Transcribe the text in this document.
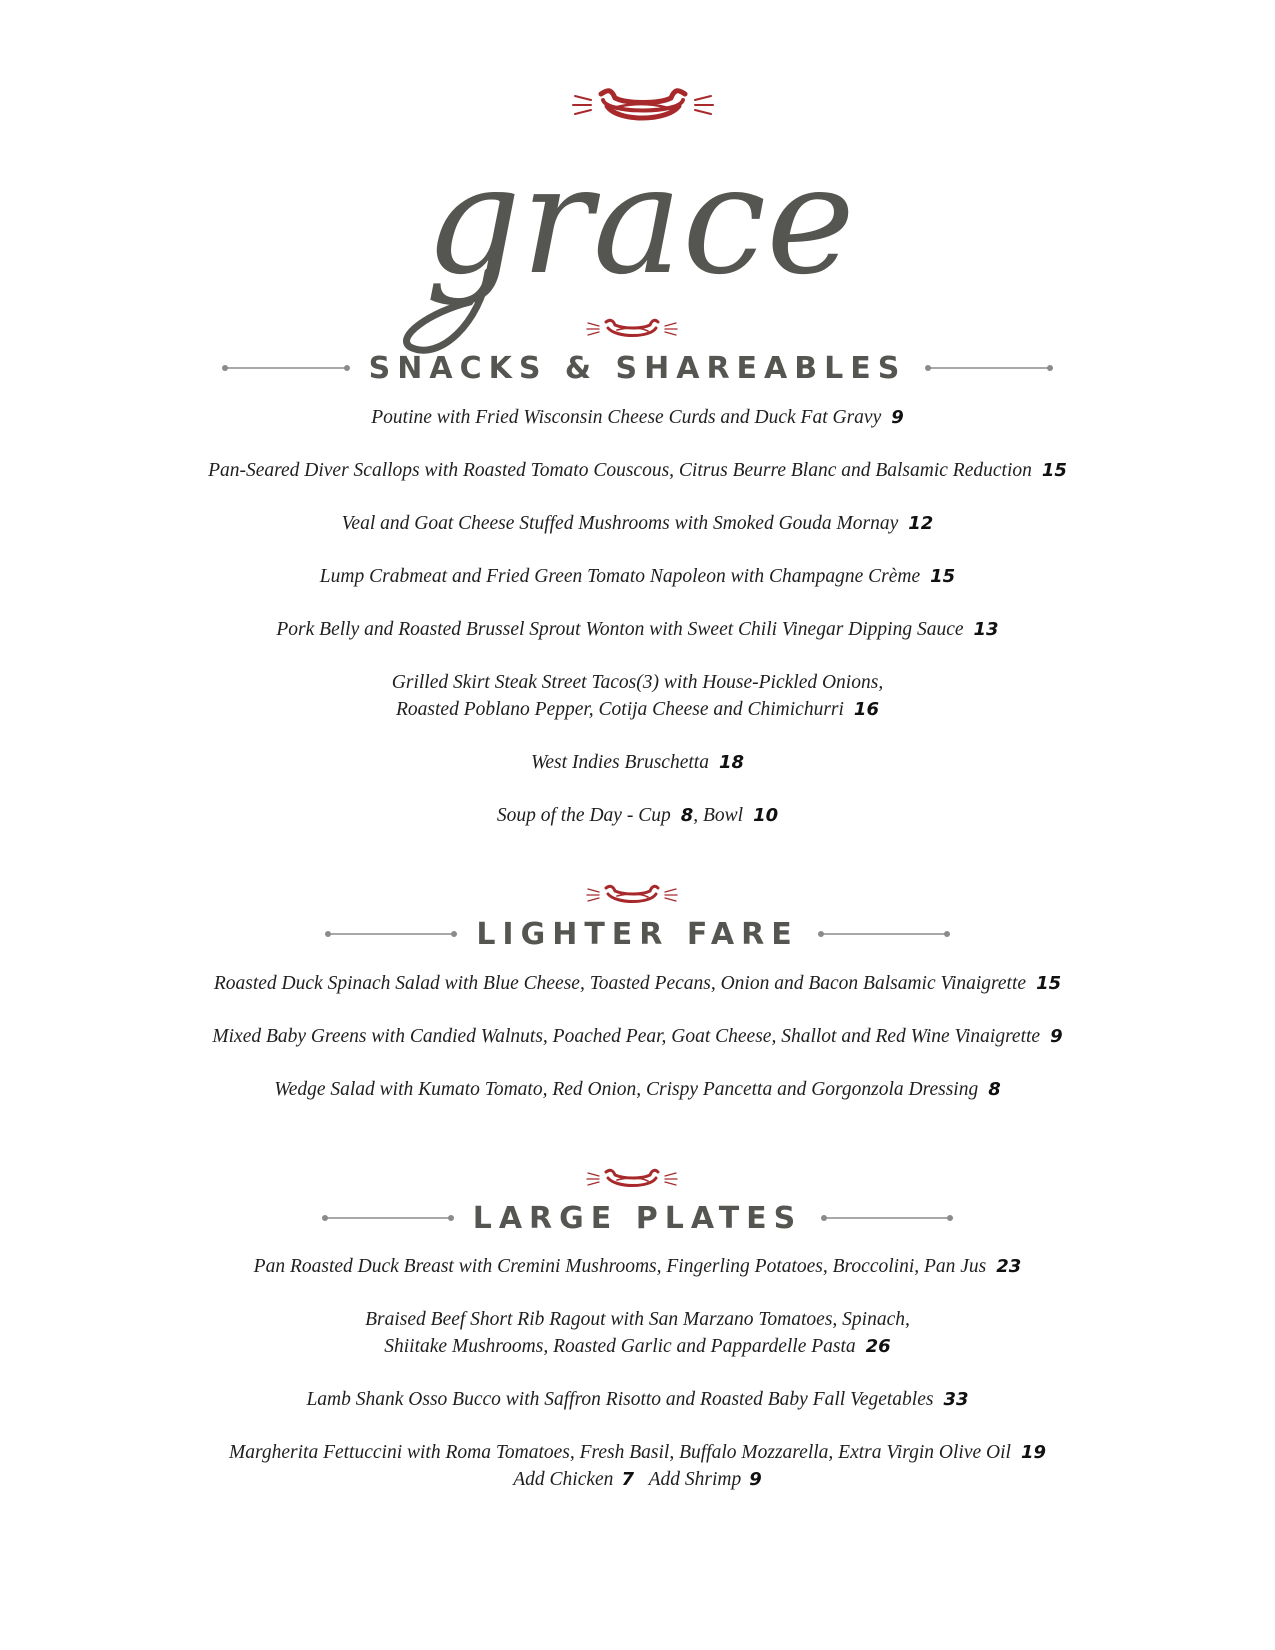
grace
SNACKS & SHAREABLES
Poutine with Fried Wisconsin Cheese Curds and Duck Fat Gravy 9
Pan-Seared Diver Scallops with Roasted Tomato Couscous, Citrus Beurre Blanc and Balsamic Reduction 15
Veal and Goat Cheese Stuffed Mushrooms with Smoked Gouda Mornay 12
Lump Crabmeat and Fried Green Tomato Napoleon with Champagne Crème 15
Pork Belly and Roasted Brussel Sprout Wonton with Sweet Chili Vinegar Dipping Sauce 13
Grilled Skirt Steak Street Tacos(3) with House-Pickled Onions,
Roasted Poblano Pepper, Cotija Cheese and Chimichurri 16
West Indies Bruschetta 18
Soup of the Day - Cup 8, Bowl 10
LIGHTER FARE
Roasted Duck Spinach Salad with Blue Cheese, Toasted Pecans, Onion and Bacon Balsamic Vinaigrette 15
Mixed Baby Greens with Candied Walnuts, Poached Pear, Goat Cheese, Shallot and Red Wine Vinaigrette 9
Wedge Salad with Kumato Tomato, Red Onion, Crispy Pancetta and Gorgonzola Dressing 8
LARGE PLATES
Pan Roasted Duck Breast with Cremini Mushrooms, Fingerling Potatoes, Broccolini, Pan Jus 23
Braised Beef Short Rib Ragout with San Marzano Tomatoes, Spinach,
Shiitake Mushrooms, Roasted Garlic and Pappardelle Pasta 26
Lamb Shank Osso Bucco with Saffron Risotto and Roasted Baby Fall Vegetables 33
Margherita Fettuccini with Roma Tomatoes, Fresh Basil, Buffalo Mozzarella, Extra Virgin Olive Oil 19
Add Chicken 7 Add Shrimp 9
